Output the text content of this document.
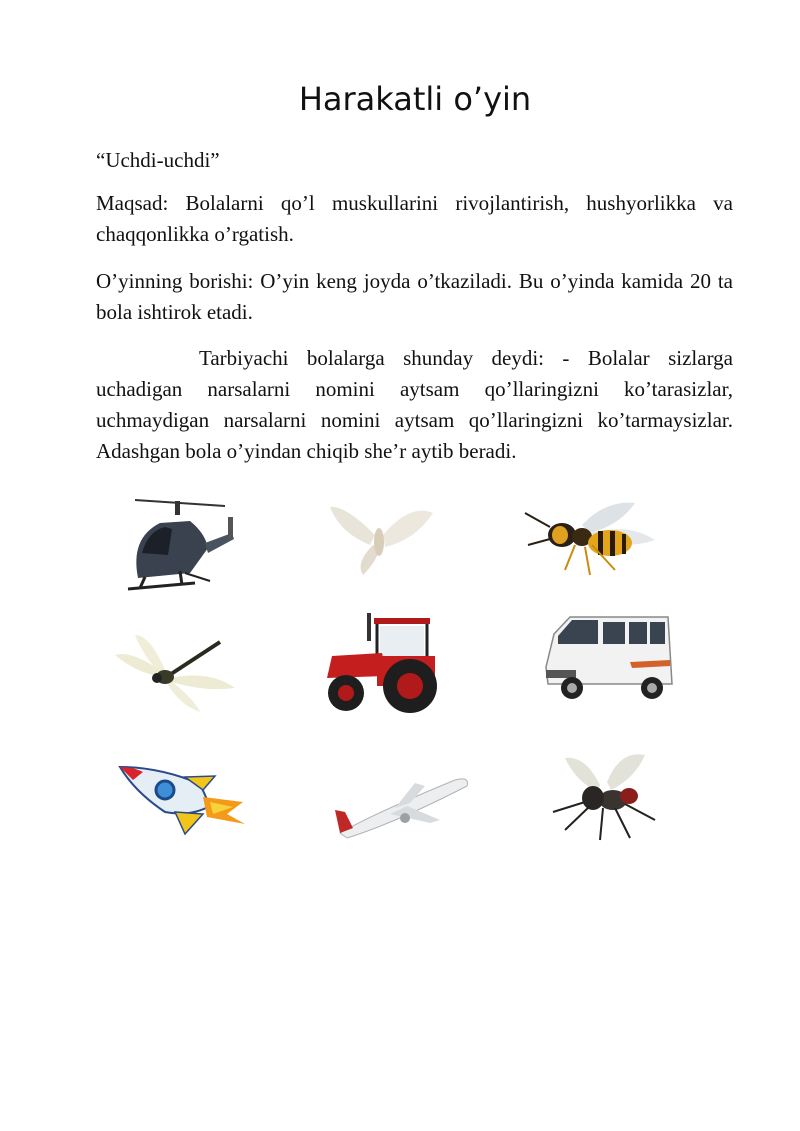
Harakatli o’yin

“Uchdi-uchdi”

Maqsad: Bolalarni qo’l muskullarini rivojlantirish, hushyorlikka va chaqqonlikka o’rgatish.

O’yinning borishi: O’yin keng joyda o’tkaziladi. Bu o’yinda kamida 20 ta bola ishtirok etadi.

Tarbiyachi bolalarga shunday deydi: - Bolalar sizlarga uchadigan narsalarni nomini aytsam qo’llaringizni ko’tarasizlar, uchmaydigan narsalarni nomini aytsam qo’llaringizni ko’tarmaysizlar. Adashgan bola o’yindan chiqib she’r aytib beradi.
